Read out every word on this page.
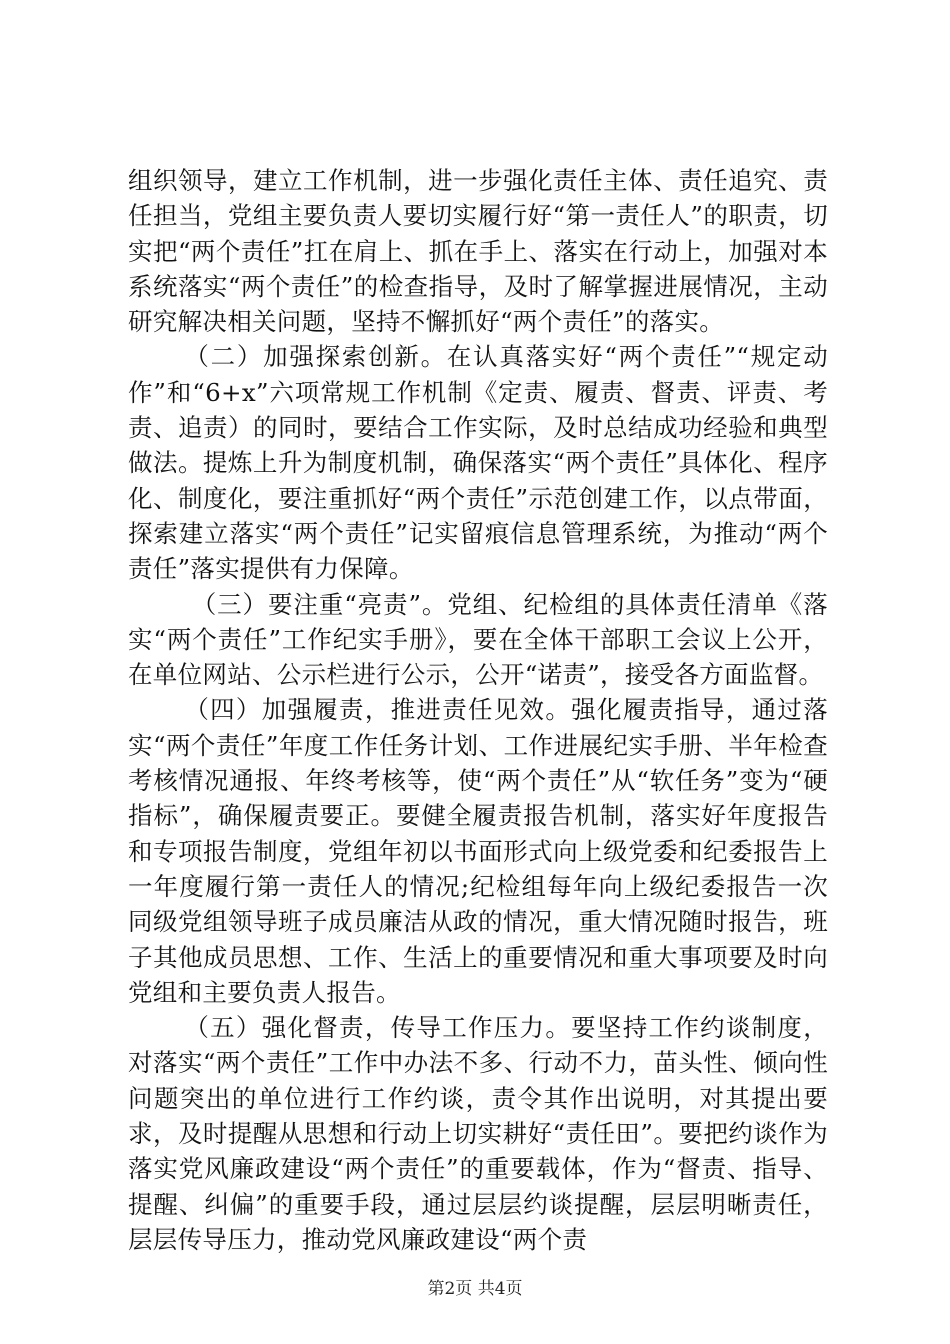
组织领导，建立工作机制，进一步强化责任主体、责任追究、责任担当，党组主要负责人要切实履行好“第一责任人”的职责，切实把“两个责任”扛在肩上、抓在手上、落实在行动上，加强对本系统落实“两个责任”的检查指导，及时了解掌握进展情况，主动研究解决相关问题，坚持不懈抓好“两个责任”的落实。

（二）加强探索创新。在认真落实好“两个责任”“规定动作”和“6+x”六项常规工作机制《定责、履责、督责、评责、考责、追责）的同时，要结合工作实际，及时总结成功经验和典型做法。提炼上升为制度机制，确保落实“两个责任”具体化、程序化、制度化，要注重抓好“两个责任”示范创建工作，以点带面，探索建立落实“两个责任”记实留痕信息管理系统，为推动“两个责任”落实提供有力保障。

（三）要注重“亮责”。党组、纪检组的具体责任清单《落实“两个责任”工作纪实手册》，要在全体干部职工会议上公开，在单位网站、公示栏进行公示，公开“诺责”，接受各方面监督。

（四）加强履责，推进责任见效。强化履责指导，通过落实“两个责任”年度工作任务计划、工作进展纪实手册、半年检查考核情况通报、年终考核等，使“两个责任”从“软任务”变为“硬指标”，确保履责要正。要健全履责报告机制，落实好年度报告和专项报告制度，党组年初以书面形式向上级党委和纪委报告上一年度履行第一责任人的情况;纪检组每年向上级纪委报告一次同级党组领导班子成员廉洁从政的情况，重大情况随时报告，班子其他成员思想、工作、生活上的重要情况和重大事项要及时向党组和主要负责人报告。

（五）强化督责，传导工作压力。要坚持工作约谈制度，对落实“两个责任”工作中办法不多、行动不力，苗头性、倾向性问题突出的单位进行工作约谈，责令其作出说明，对其提出要求，及时提醒从思想和行动上切实耕好“责任田”。要把约谈作为落实党风廉政建设“两个责任”的重要载体，作为“督责、指导、提醒、纠偏”的重要手段，通过层层约谈提醒，层层明晰责任，层层传导压力，推动党风廉政建设“两个责

第2页 共4页
